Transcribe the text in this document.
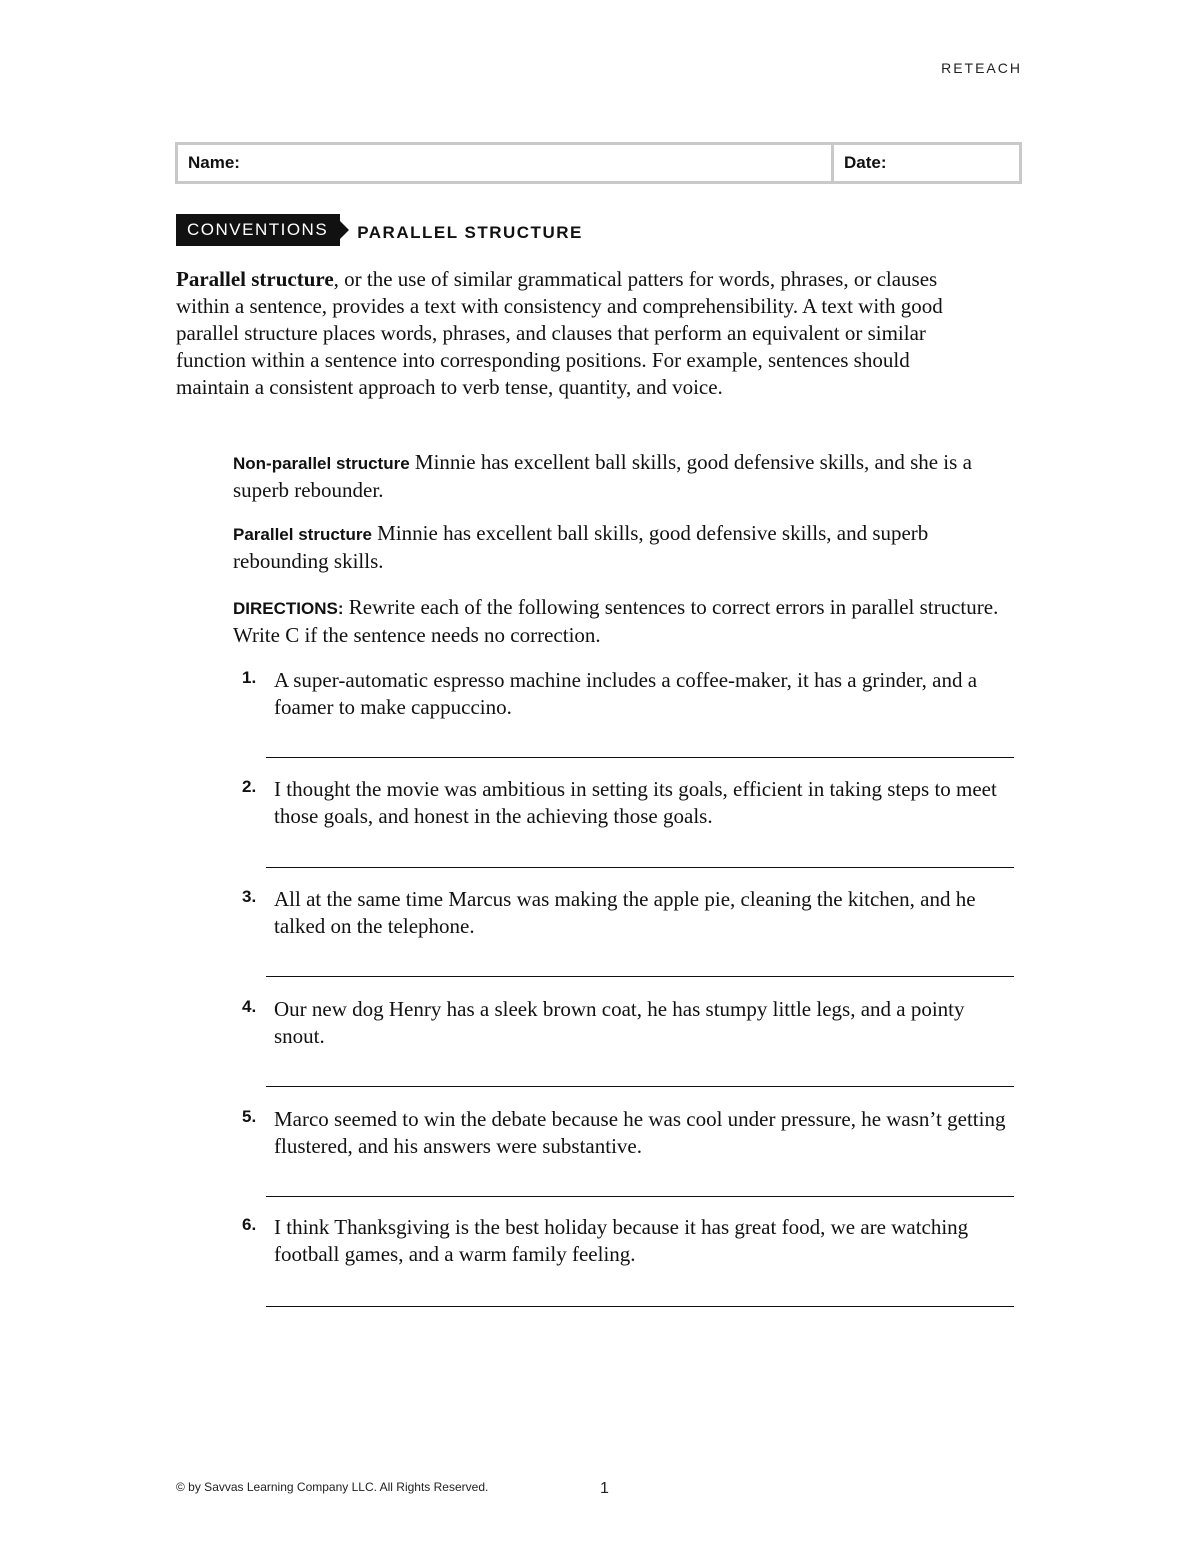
RETEACH
Name:	Date:
CONVENTIONS	PARALLEL STRUCTURE
Parallel structure, or the use of similar grammatical patters for words, phrases, or clauses within a sentence, provides a text with consistency and comprehensibility. A text with good parallel structure places words, phrases, and clauses that perform an equivalent or similar function within a sentence into corresponding positions. For example, sentences should maintain a consistent approach to verb tense, quantity, and voice.
Non-parallel structure Minnie has excellent ball skills, good defensive skills, and she is a superb rebounder.
Parallel structure Minnie has excellent ball skills, good defensive skills, and superb rebounding skills.
DIRECTIONS: Rewrite each of the following sentences to correct errors in parallel structure. Write C if the sentence needs no correction.
1. A super-automatic espresso machine includes a coffee-maker, it has a grinder, and a foamer to make cappuccino.
2. I thought the movie was ambitious in setting its goals, efficient in taking steps to meet those goals, and honest in the achieving those goals.
3. All at the same time Marcus was making the apple pie, cleaning the kitchen, and he talked on the telephone.
4. Our new dog Henry has a sleek brown coat, he has stumpy little legs, and a pointy snout.
5. Marco seemed to win the debate because he was cool under pressure, he wasn’t getting flustered, and his answers were substantive.
6. I think Thanksgiving is the best holiday because it has great food, we are watching football games, and a warm family feeling.
© by Savvas Learning Company LLC. All Rights Reserved.	1
